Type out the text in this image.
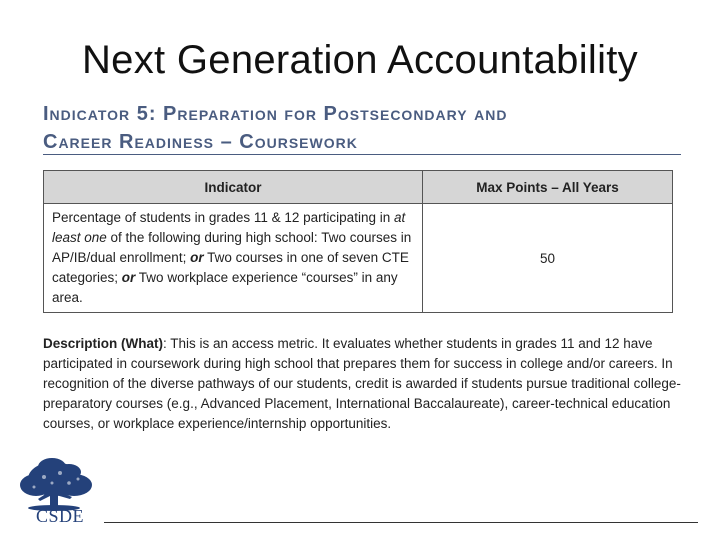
Next Generation Accountability
Indicator 5: Preparation for Postsecondary and
Career Readiness – Coursework
Indicator	Max Points – All Years
Percentage of students in grades 11 & 12 participating in at least one of the following during high school: Two courses in AP/IB/dual enrollment; or Two courses in one of seven CTE categories; or Two workplace experience “courses” in any area.	50
Description (What): This is an access metric. It evaluates whether students in grades 11 and 12 have participated in coursework during high school that prepares them for success in college and/or careers. In recognition of the diverse pathways of our students, credit is awarded if students pursue traditional college-preparatory courses (e.g., Advanced Placement, International Baccalaureate), career-technical education courses, or workplace experience/internship opportunities.
CSDE
